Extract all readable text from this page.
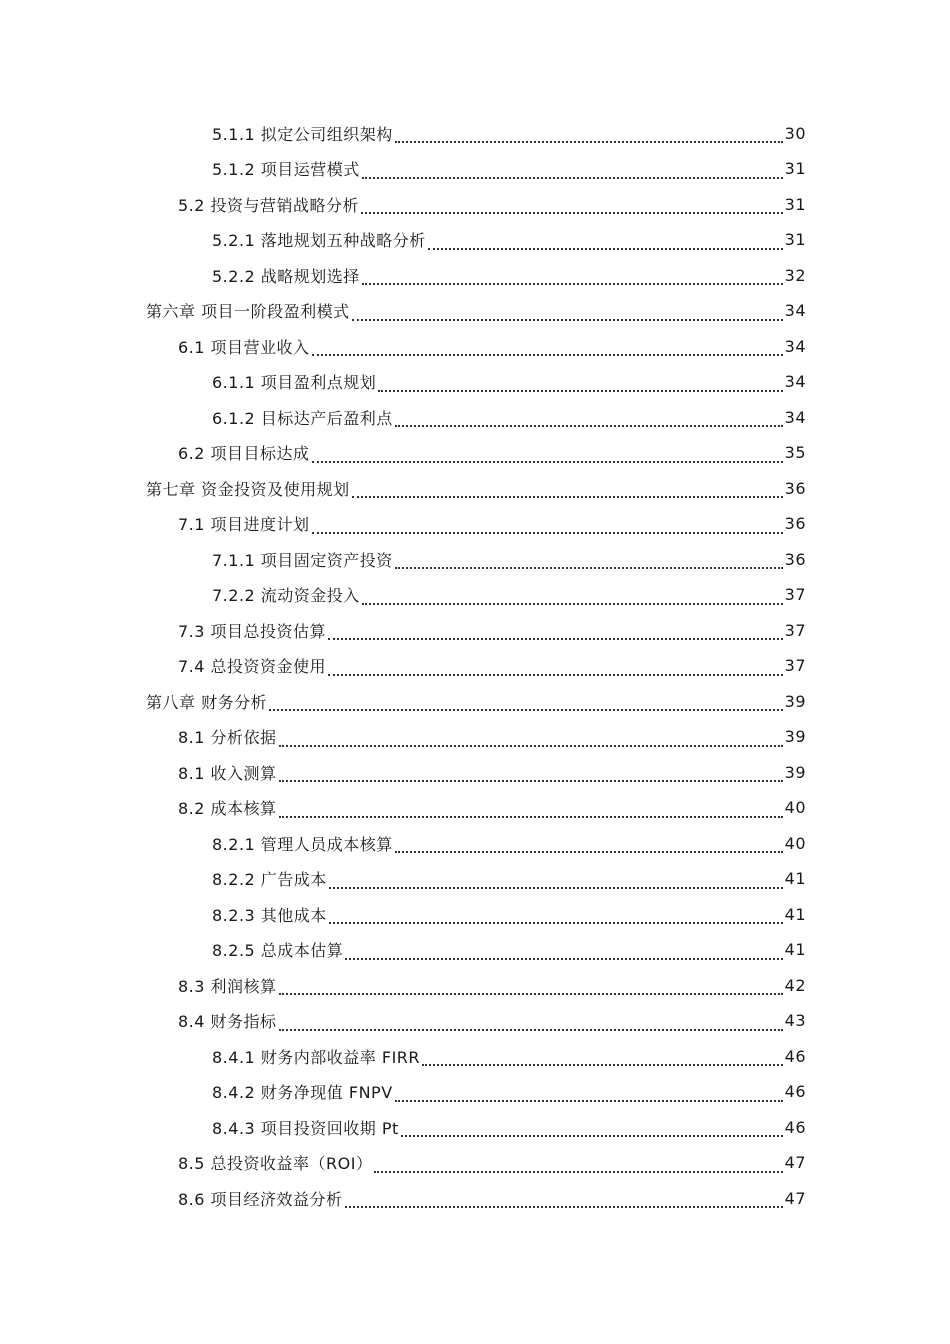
5.1.1 拟定公司组织架构	30
5.1.2 项目运营模式	31
5.2 投资与营销战略分析	31
5.2.1 落地规划五种战略分析	31
5.2.2 战略规划选择	32
第六章 项目一阶段盈利模式	34
6.1 项目营业收入	34
6.1.1 项目盈利点规划	34
6.1.2 目标达产后盈利点	34
6.2 项目目标达成	35
第七章 资金投资及使用规划	36
7.1 项目进度计划	36
7.1.1 项目固定资产投资	36
7.2.2 流动资金投入	37
7.3 项目总投资估算	37
7.4 总投资资金使用	37
第八章 财务分析	39
8.1 分析依据	39
8.1 收入测算	39
8.2 成本核算	40
8.2.1 管理人员成本核算	40
8.2.2 广告成本	41
8.2.3 其他成本	41
8.2.5 总成本估算	41
8.3 利润核算	42
8.4 财务指标	43
8.4.1 财务内部收益率 FIRR	46
8.4.2 财务净现值 FNPV	46
8.4.3 项目投资回收期 Pt	46
8.5 总投资收益率（ROI）	47
8.6 项目经济效益分析	47
